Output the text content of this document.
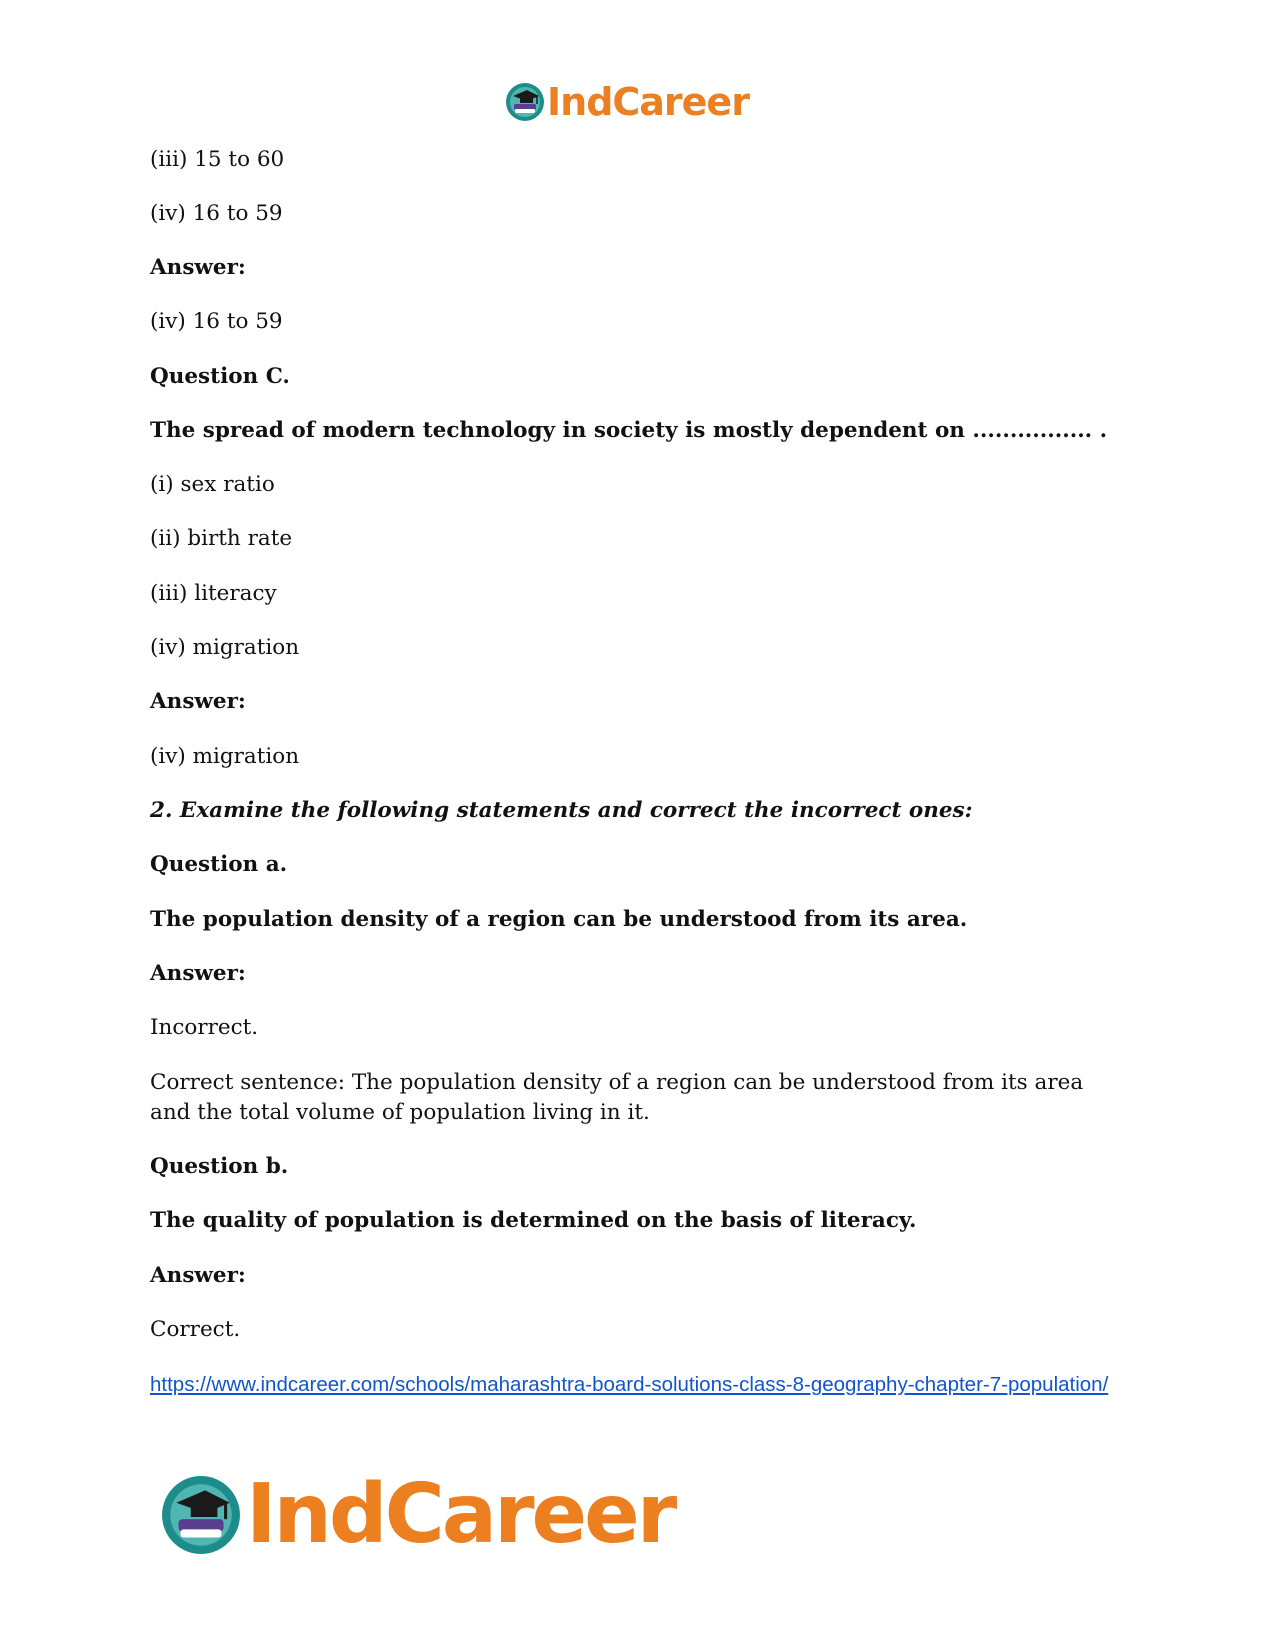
IndCareer
(iii) 15 to 60
(iv) 16 to 59
Answer:
(iv) 16 to 59
Question C.
The spread of modern technology in society is mostly dependent on ................ .
(i) sex ratio
(ii) birth rate
(iii) literacy
(iv) migration
Answer:
(iv) migration
2. Examine the following statements and correct the incorrect ones:
Question a.
The population density of a region can be understood from its area.
Answer:
Incorrect.
Correct sentence: The population density of a region can be understood from its area and the total volume of population living in it.
Question b.
The quality of population is determined on the basis of literacy.
Answer:
Correct.
https://www.indcareer.com/schools/maharashtra-board-solutions-class-8-geography-chapter-7-population/
IndCareer
